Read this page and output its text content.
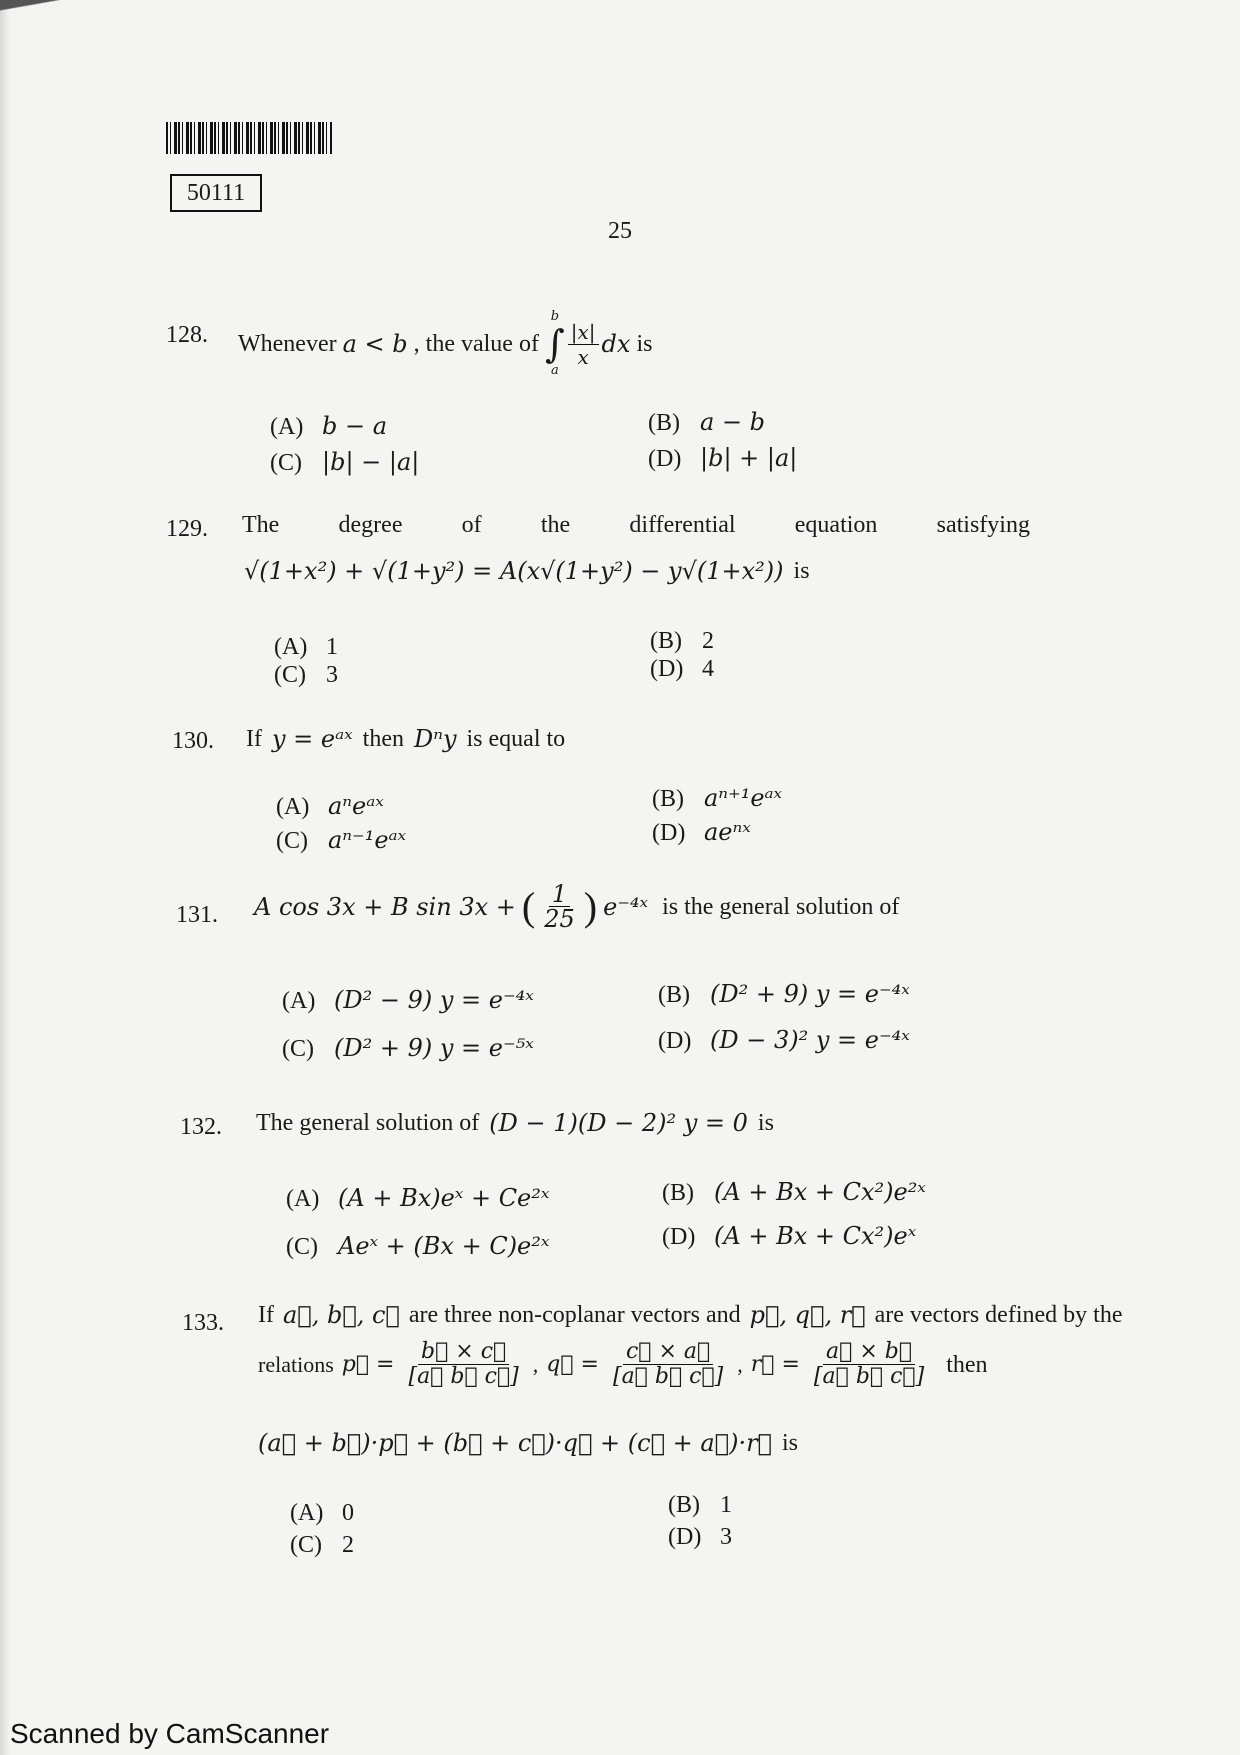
50111
25
128. Whenever a < b , the value of
b
∫
a
$\frac{|x|}{x}$ dx is
(A) b − a	(B) a − b
(C) |b| − |a|	(D) |b| + |a|
129. The degree of the differential equation satisfying
√(1+x²) + √(1+y²) = A(x√(1+y²) − y√(1+x²)) is
(A) 1	(B) 2
(C) 3	(D) 4
130. If y = eᵃˣ then Dⁿy is equal to
(A) aⁿeᵃˣ	(B) aⁿ⁺¹eᵃˣ
(C) aⁿ⁻¹eᵃˣ	(D) aeⁿˣ
131. A cos 3x + B sin 3x + ( $\frac{1}{25}$ ) e⁻⁴ˣ is the general solution of
(A) (D² − 9) y = e⁻⁴ˣ	(B) (D² + 9) y = e⁻⁴ˣ
(C) (D² + 9) y = e⁻⁵ˣ	(D) (D − 3)² y = e⁻⁴ˣ
132. The general solution of (D − 1)(D − 2)² y = 0 is
(A) (A + Bx)eˣ + Ce²ˣ	(B) (A + Bx + Cx²)e²ˣ
(C) Aeˣ + (Bx + C)e²ˣ	(D) (A + Bx + Cx²)eˣ
133. If a⃗, b⃗, c⃗ are three non-coplanar vectors and p⃗, q⃗, r⃗ are vectors defined by the
relations p⃗ = $\frac{b⃗ \times c⃗}{[a⃗ b⃗ c⃗]}$ , q⃗ = $\frac{c⃗ \times a⃗}{[a⃗ b⃗ c⃗]}$ , r⃗ = $\frac{a⃗ \times b⃗}{[a⃗ b⃗ c⃗]}$ then
(a⃗ + b⃗)·p⃗ + (b⃗ + c⃗)·q⃗ + (c⃗ + a⃗)·r⃗ is
(A) 0	(B) 1
(C) 2	(D) 3
Scanned by CamScanner
